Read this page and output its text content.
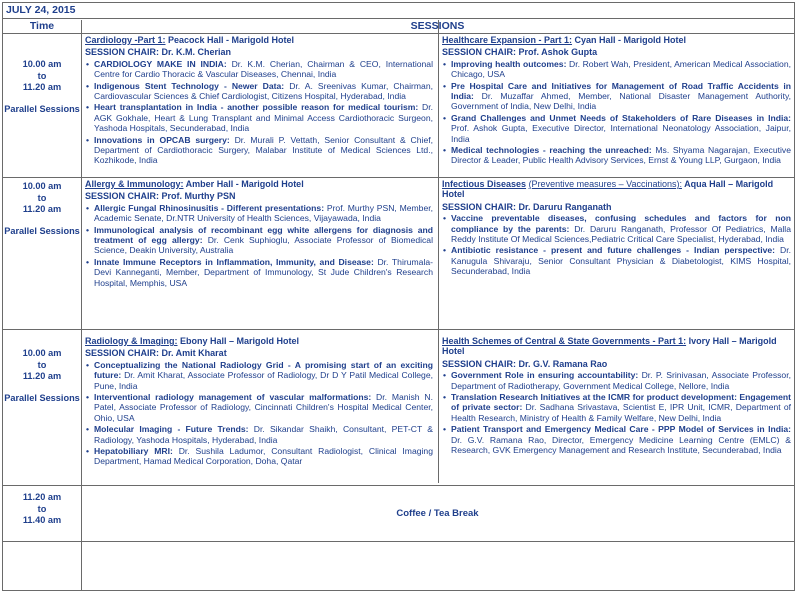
JULY 24, 2015
Time	SESSIONS
10.00 am
to
11.20 am
Parallel Sessions
Cardiology -Part 1: Peacock Hall - Marigold Hotel
SESSION CHAIR: Dr. K.M. Cherian
• CARDIOLOGY MAKE IN INDIA: Dr. K.M. Cherian, Chairman & CEO, International Centre for Cardio Thoracic & Vascular Diseases, Chennai, India
• Indigenous Stent Technology - Newer Data: Dr. A. Sreenivas Kumar, Chairman, Cardiovascular Sciences & Chief Cardiologist, Citizens Hospital, Hyderabad, India
• Heart transplantation in India - another possible reason for medical tourism: Dr. AGK Gokhale, Heart & Lung Transplant and Minimal Access Cardiothoracic Surgeon, Yashoda Hospitals, Secunderabad, India
• Innovations in OPCAB surgery: Dr. Murali P. Vettath, Senior Consultant & Chief, Department of Cardiothoracic Surgery, Malabar Institute of Medical Sciences Ltd., Kozhikode, India
Healthcare Expansion - Part 1: Cyan Hall - Marigold Hotel
SESSION CHAIR: Prof. Ashok Gupta
• Improving health outcomes: Dr. Robert Wah, President, American Medical Association, Chicago, USA
• Pre Hospital Care and Initiatives for Management of Road Traffic Accidents in India: Dr. Muzaffar Ahmed, Member, National Disaster Management Authority, Government of India, New Delhi, India
• Grand Challenges and Unmet Needs of Stakeholders of Rare Diseases in India: Prof. Ashok Gupta, Executive Director, International Neonatology Association, Jaipur, India
• Medical technologies - reaching the unreached: Ms. Shyama Nagarajan, Executive Director & Leader, Public Health Advisory Services, Ernst & Young LLP, Gurgaon, India
10.00 am
to
11.20 am
Parallel Sessions
Allergy & Immunology: Amber Hall - Marigold Hotel
SESSION CHAIR: Prof. Murthy PSN
• Allergic Fungal Rhinosinusitis - Different presentations: Prof. Murthy PSN, Member, Academic Senate, Dr.NTR University of Health Sciences, Vijayawada, India
• Immunological analysis of recombinant egg white allergens for diagnosis and treatment of egg allergy: Dr. Cenk Suphioglu, Associate Professor of Biomedical Science, Deakin University, Australia
• Innate Immune Receptors in Inflammation, Immunity, and Disease: Dr. Thirumala-Devi Kanneganti, Member, Department of Immunology, St Jude Children's Research Hospital, Memphis, USA
Infectious Diseases (Preventive measures – Vaccinations): Aqua Hall – Marigold Hotel
SESSION CHAIR: Dr. Daruru Ranganath
• Vaccine preventable diseases, confusing schedules and factors for non compliance by the parents: Dr. Daruru Ranganath, Professor Of Pediatrics, Malla Reddy Institute Of Medical Sciences,Pediatric Critical Care Specialist, Hyderabad, India
• Antibiotic resistance - present and future challenges - Indian perspective: Dr. Kanugula Shivaraju, Senior Consultant Physician & Diabetologist, KIMS Hospital, Secunderabad, India
10.00 am
to
11.20 am
Parallel Sessions
Radiology & Imaging: Ebony Hall – Marigold Hotel
SESSION CHAIR: Dr. Amit Kharat
• Conceptualizing the National Radiology Grid - A promising start of an exciting future: Dr. Amit Kharat, Associate Professor of Radiology, Dr D Y Patil Medical College, Pune, India
• Interventional radiology management of vascular malformations: Dr. Manish N. Patel, Associate Professor of Radiology, Cincinnati Children's Hospital Medical Center, Ohio, USA
• Molecular Imaging - Future Trends: Dr. Sikandar Shaikh, Consultant, PET-CT & Radiology, Yashoda Hospitals, Hyderabad, India
• Hepatobiliary MRI: Dr. Sushila Ladumor, Consultant Radiologist, Clinical Imaging Department, Hamad Medical Corporation, Doha, Qatar
Health Schemes of Central & State Governments - Part 1: Ivory Hall – Marigold Hotel
SESSION CHAIR: Dr. G.V. Ramana Rao
• Government Role in ensuring accountability: Dr. P. Srinivasan, Associate Professor, Department of Radiotherapy, Government Medical College, Nellore, India
• Translation Research Initiatives at the ICMR for product development: Engagement of private sector: Dr. Sadhana Srivastava, Scientist E, IPR Unit, ICMR, Department of Health Research, Ministry of Health & Family Welfare, New Delhi, India
• Patient Transport and Emergency Medical Care - PPP Model of Services in India: Dr. G.V. Ramana Rao, Director, Emergency Medicine Learning Centre (EMLC) & Research, GVK Emergency Management and Research Institute, Secunderabad, India
11.20 am
to
11.40 am
Coffee / Tea Break
